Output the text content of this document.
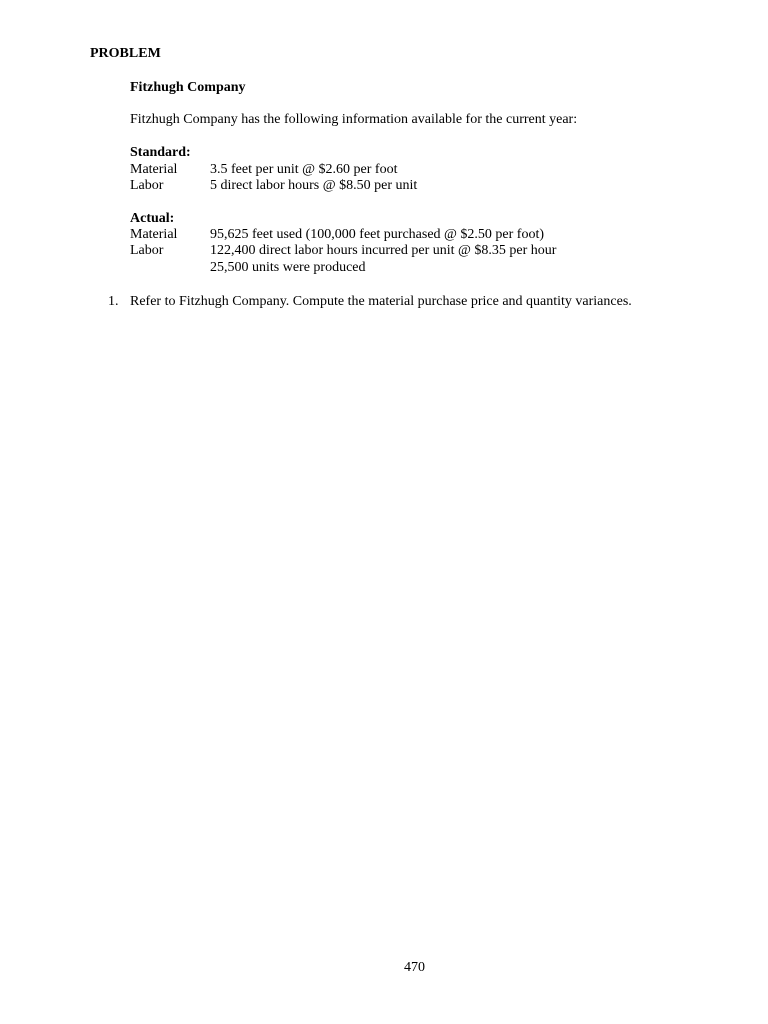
PROBLEM
Fitzhugh Company
Fitzhugh Company has the following information available for the current year:
Standard:
Material 3.5 feet per unit @ $2.60 per foot
Labor	5 direct labor hours @ $8.50 per unit
Actual:
Material 95,625 feet used (100,000 feet purchased @ $2.50 per foot)
Labor	122,400 direct labor hours incurred per unit @ $8.35 per hour
25,500 units were produced
1. Refer to Fitzhugh Company. Compute the material purchase price and quantity variances.
470
